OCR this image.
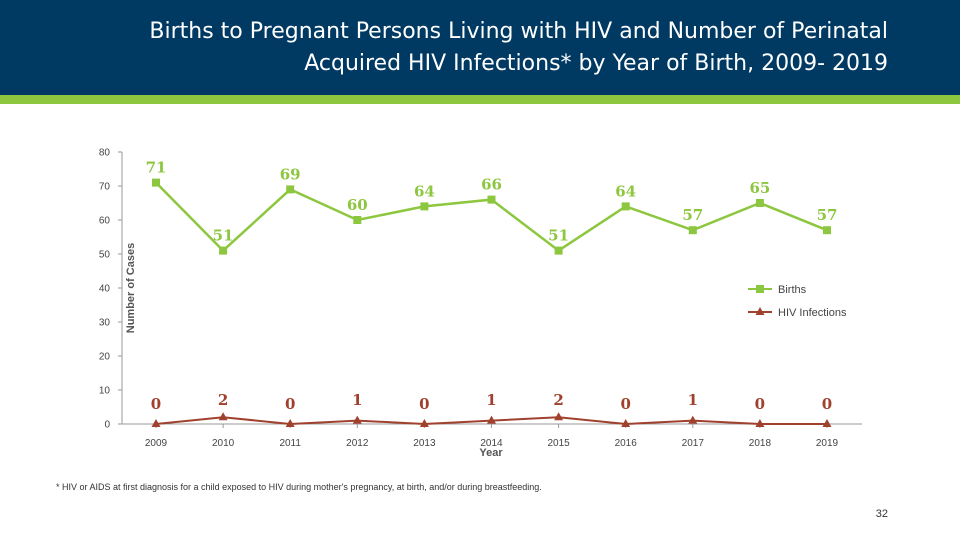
Births to Pregnant Persons Living with HIV and Number of Perinatal Acquired HIV Infections* by Year of Birth, 2009- 2019
0
10
20
30
40
50
60
70
80
2009	2010	2011	2012	2013	2014	2015	2016	2017	2018	2019
Year
Number of Cases
71
51
69
60
64	66
51
64
57
65
57
0	2	0	1	0	1	2	0	1	0	0
Births
HIV Infections
* HIV or AIDS at first diagnosis for a child exposed to HIV during mother's pregnancy, at birth, and/or during breastfeeding.
32
